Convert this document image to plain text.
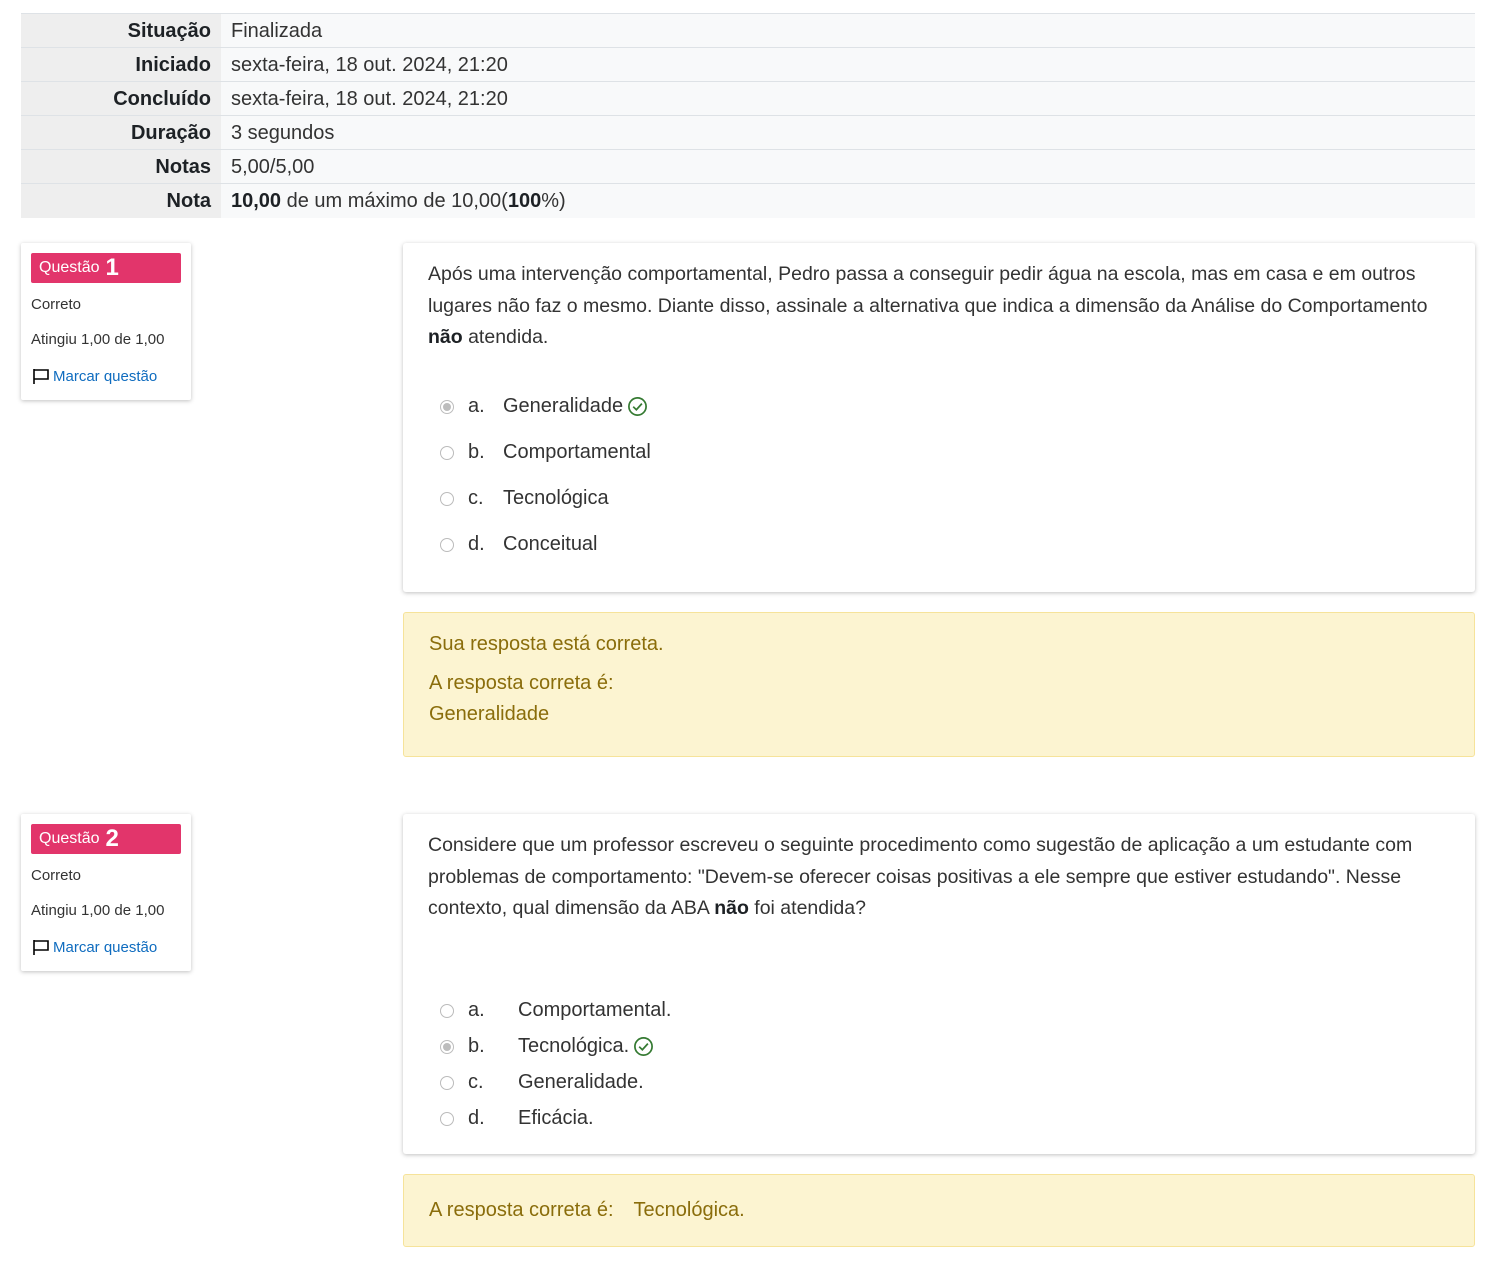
Situação	Finalizada
Iniciado	sexta-feira, 18 out. 2024, 21:20
Concluído	sexta-feira, 18 out. 2024, 21:20
Duração	3 segundos
Notas	5,00/5,00
Nota	10,00 de um máximo de 10,00(100%)
Questão 1
Correto
Atingiu 1,00 de 1,00
Marcar questão
Após uma intervenção comportamental, Pedro passa a conseguir pedir água na escola, mas em casa e em outros lugares não faz o mesmo. Diante disso, assinale a alternativa que indica a dimensão da Análise do Comportamento não atendida.
a. Generalidade
b. Comportamental
c. Tecnológica
d. Conceitual
Sua resposta está correta.
A resposta correta é:
Generalidade
Questão 2
Correto
Atingiu 1,00 de 1,00
Marcar questão
Considere que um professor escreveu o seguinte procedimento como sugestão de aplicação a um estudante com problemas de comportamento: "Devem-se oferecer coisas positivas a ele sempre que estiver estudando". Nesse contexto, qual dimensão da ABA não foi atendida?
a.	Comportamental.
b.	Tecnológica.
c.	Generalidade.
d.	Eficácia.
A resposta correta é: Tecnológica.
